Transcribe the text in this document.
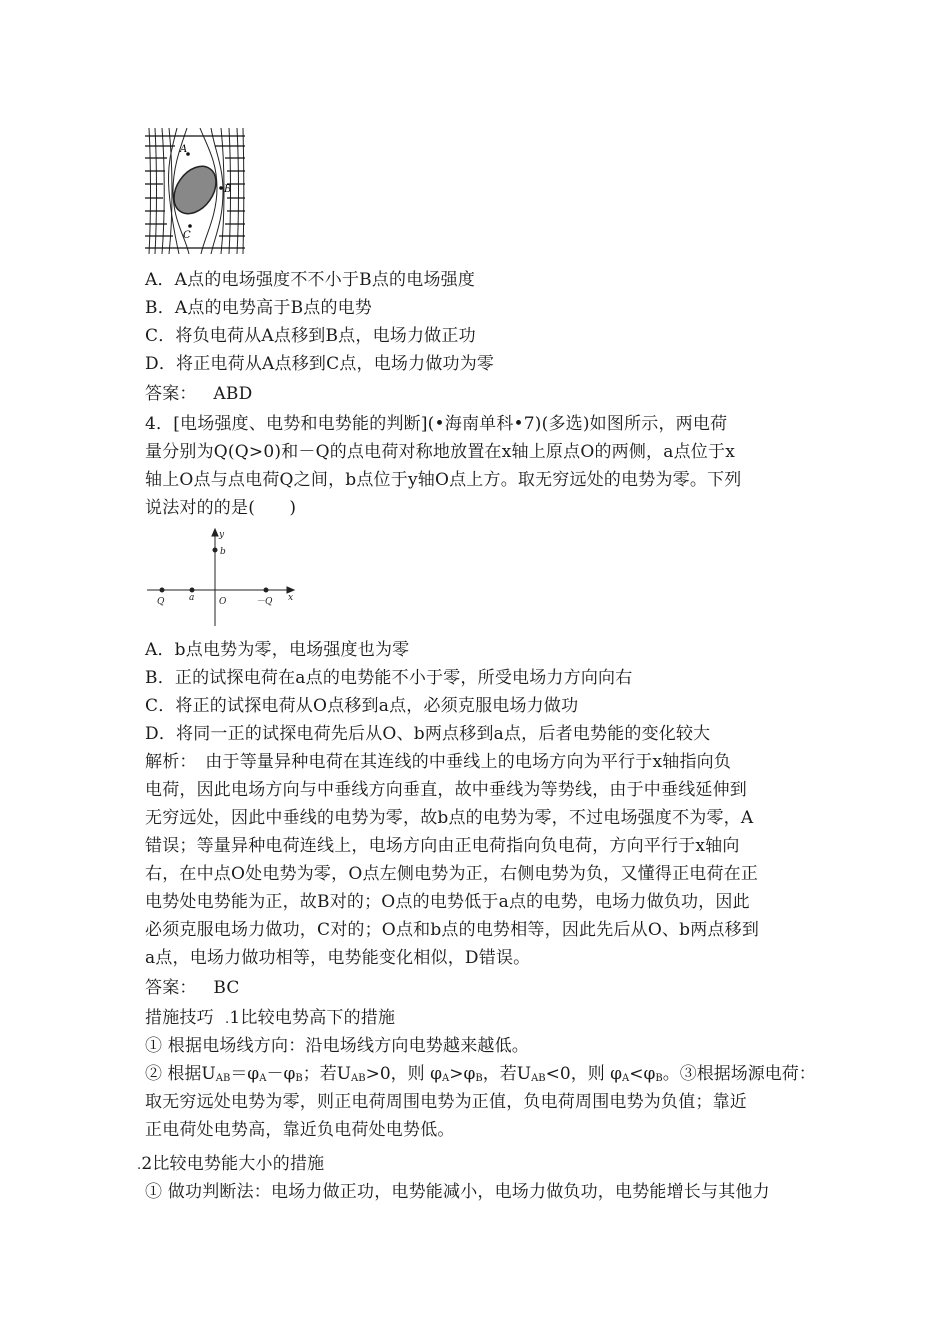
A
B
C
A．A点的电场强度不不小于B点的电场强度
B．A点的电势高于B点的电势
C．将负电荷从A点移到B点，电场力做正功
D．将正电荷从A点移到C点，电场力做功为零
答案： ABD
4．[电场强度、电势和电势能的判断](•海南单科•7)(多选)如图所示，两电荷
量分别为Q(Q>0)和－Q的点电荷对称地放置在x轴上原点O的两侧，a点位于x
轴上O点与点电荷Q之间，b点位于y轴O点上方。取无穷远处的电势为零。下列
说法对的的是(　　)
y
b
Q	a	O	－Q x
A．b点电势为零，电场强度也为零
B．正的试探电荷在a点的电势能不小于零，所受电场力方向向右
C．将正的试探电荷从O点移到a点，必须克服电场力做功
D．将同一正的试探电荷先后从O、b两点移到a点，后者电势能的变化较大
解析：　由于等量异种电荷在其连线的中垂线上的电场方向为平行于x轴指向负
电荷，因此电场方向与中垂线方向垂直，故中垂线为等势线，由于中垂线延伸到
无穷远处，因此中垂线的电势为零，故b点的电势为零，不过电场强度不为零，A
错误；等量异种电荷连线上，电场方向由正电荷指向负电荷，方向平行于x轴向
右，在中点O处电势为零，O点左侧电势为正，右侧电势为负，又懂得正电荷在正
电势处电势能为正，故B对的；O点的电势低于a点的电势，电场力做负功，因此
必须克服电场力做功，C对的；O点和b点的电势相等，因此先后从O、b两点移到
a点，电场力做功相等，电势能变化相似，D错误。
答案： BC
措施技巧 .1比较电势高下的措施
① 根据电场线方向：沿电场线方向电势越来越低。
② 根据$U_{AB}=\varphi_A-\varphi_B$；若$U_{AB}>0$，则 $\varphi_A>\varphi_B$，若$U_{AB}<0$，则 $\varphi_A<\varphi_B$。③根据场源电荷：
取无穷远处电势为零，则正电荷周围电势为正值，负电荷周围电势为负值；靠近
正电荷处电势高，靠近负电荷处电势低。
.2比较电势能大小的措施
① 做功判断法：电场力做正功，电势能减小，电场力做负功，电势能增长与其他力
